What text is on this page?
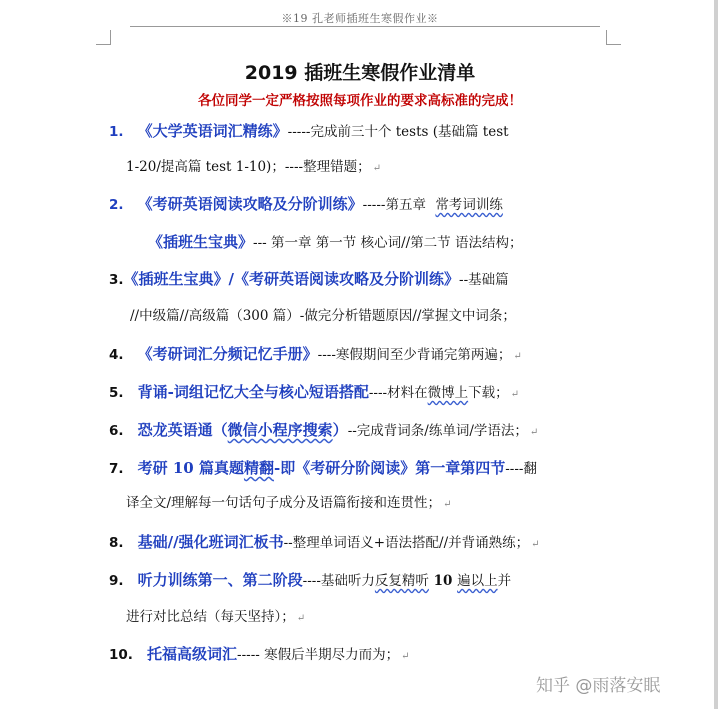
※19 孔老师插班生寒假作业※
2019 插班生寒假作业清单
各位同学一定严格按照每项作业的要求高标准的完成！
1. 《大学英语词汇精练》-----完成前三十个 tests (基础篇 test
1-20/提高篇 test 1-10)；----整理错题； ↵
2. 《考研英语阅读攻略及分阶训练》-----第五章 常考词训练
《插班生宝典》--- 第一章 第一节 核心词//第二节 语法结构；
3.《插班生宝典》/《考研英语阅读攻略及分阶训练》--基础篇
//中级篇//高级篇（300 篇）-做完分析错题原因//掌握文中词条；
4. 《考研词汇分频记忆手册》----寒假期间至少背诵完第两遍； ↵
5. 背诵-词组记忆大全与核心短语搭配----材料在微博上下载； ↵
6. 恐龙英语通（微信小程序搜索）--完成背词条/练单词/学语法； ↵
7. 考研 10 篇真题精翻-即《考研分阶阅读》第一章第四节----翻
译全文/理解每一句话句子成分及语篇衔接和连贯性； ↵
8. 基础//强化班词汇板书--整理单词语义+语法搭配//并背诵熟练； ↵
9. 听力训练第一、第二阶段----基础听力反复精听 10 遍以上并
进行对比总结（每天坚持）； ↵
10. 托福高级词汇----- 寒假后半期尽力而为； ↵
知乎 @雨落安眠
